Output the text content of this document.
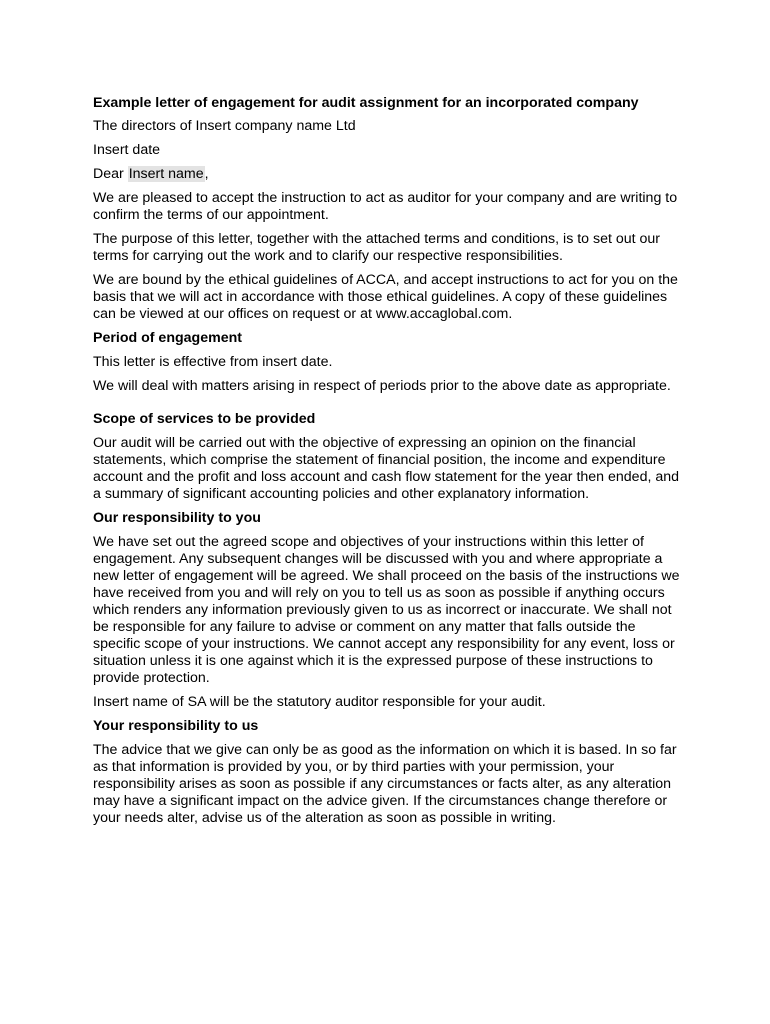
Example letter of engagement for audit assignment for an incorporated company
The directors of Insert company name Ltd
Insert date
Dear Insert name,
We are pleased to accept the instruction to act as auditor for your company and are writing to confirm the terms of our appointment.
The purpose of this letter, together with the attached terms and conditions, is to set out our terms for carrying out the work and to clarify our respective responsibilities.
We are bound by the ethical guidelines of ACCA, and accept instructions to act for you on the basis that we will act in accordance with those ethical guidelines. A copy of these guidelines can be viewed at our offices on request or at www.accaglobal.com.
Period of engagement
This letter is effective from insert date.
We will deal with matters arising in respect of periods prior to the above date as appropriate.
Scope of services to be provided
Our audit will be carried out with the objective of expressing an opinion on the financial statements, which comprise the statement of financial position, the income and expenditure account and the profit and loss account and cash flow statement for the year then ended, and a summary of significant accounting policies and other explanatory information.
Our responsibility to you
We have set out the agreed scope and objectives of your instructions within this letter of engagement. Any subsequent changes will be discussed with you and where appropriate a new letter of engagement will be agreed. We shall proceed on the basis of the instructions we have received from you and will rely on you to tell us as soon as possible if anything occurs which renders any information previously given to us as incorrect or inaccurate. We shall not be responsible for any failure to advise or comment on any matter that falls outside the specific scope of your instructions. We cannot accept any responsibility for any event, loss or situation unless it is one against which it is the expressed purpose of these instructions to provide protection.
Insert name of SA will be the statutory auditor responsible for your audit.
Your responsibility to us
The advice that we give can only be as good as the information on which it is based. In so far as that information is provided by you, or by third parties with your permission, your responsibility arises as soon as possible if any circumstances or facts alter, as any alteration may have a significant impact on the advice given. If the circumstances change therefore or your needs alter, advise us of the alteration as soon as possible in writing.
